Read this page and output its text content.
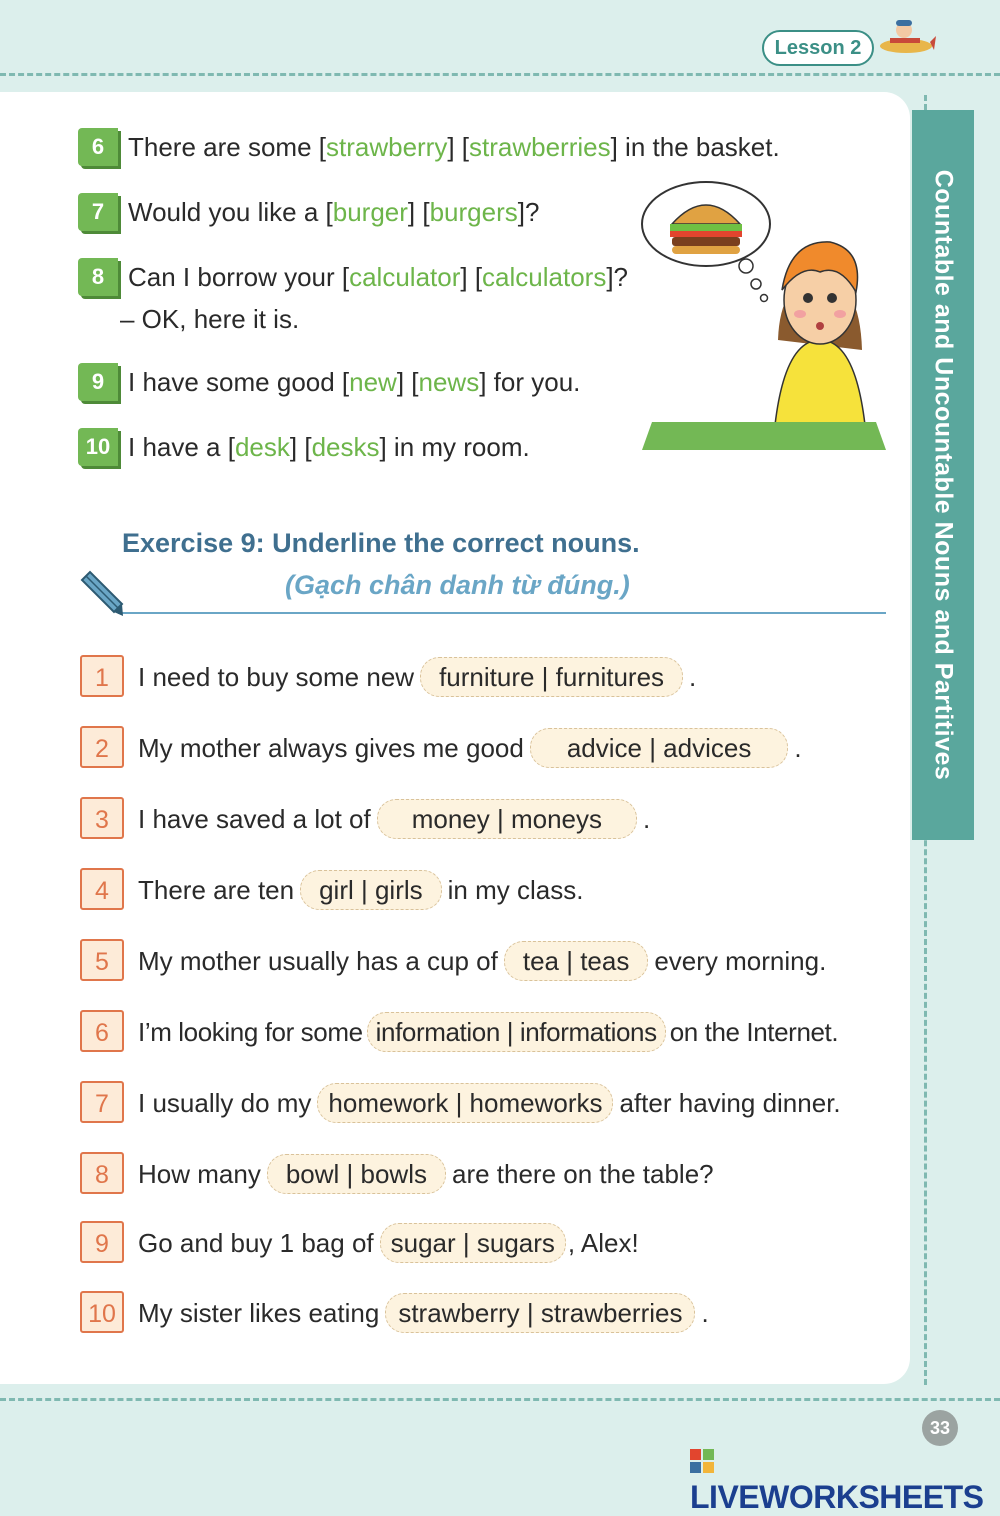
Lesson 2
Countable and Uncountable Nouns and Partitives
6 There are some [strawberry] [strawberries] in the basket.
7 Would you like a [burger] [burgers]?
8 Can I borrow your [calculator] [calculators]?
– OK, here it is.
9 I have some good [new] [news] for you.
10 I have a [desk] [desks] in my room.
Exercise 9: Underline the correct nouns.
(Gạch chân danh từ đúng.)
1	I need to buy some new furniture | furnitures .
2	My mother always gives me good advice | advices .
3	I have saved a lot of money | moneys .
4	There are ten girl | girls in my class.
5	My mother usually has a cup of tea | teas every morning.
6	I’m looking for some information | informations on the Internet.
7	I usually do my homework | homeworks after having dinner.
8	How many bowl | bowls are there on the table?
9	Go and buy 1 bag of sugar | sugars , Alex!
10 My sister likes eating strawberry | strawberries .
33
LIVEWORKSHEETS
